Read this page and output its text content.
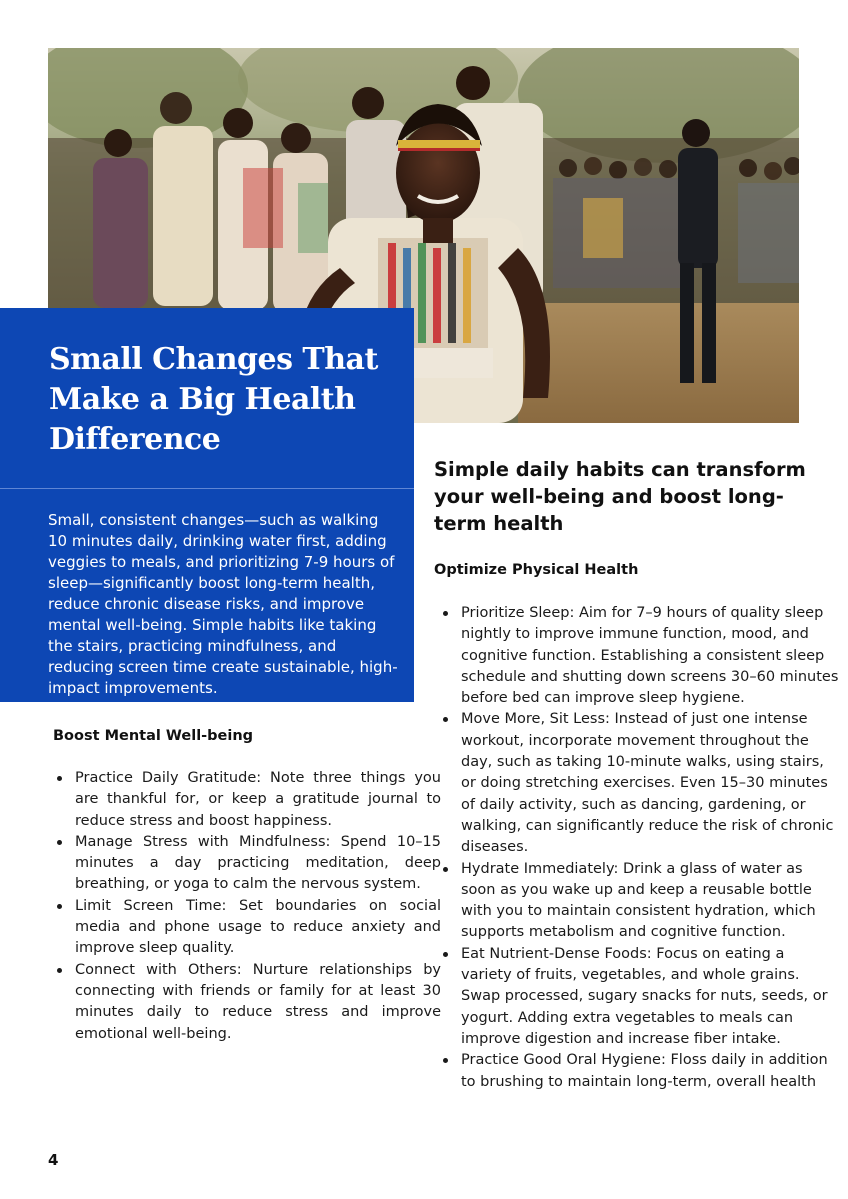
Small Changes That Make a Big Health Difference

Small, consistent changes—such as walking 10 minutes daily, drinking water first, adding veggies to meals, and prioritizing 7-9 hours of sleep—significantly boost long-term health, reduce chronic disease risks, and improve mental well-being. Simple habits like taking the stairs, practicing mindfulness, and reducing screen time create sustainable, high-impact improvements.

Simple daily habits can transform your well-being and boost long-term health
Optimize Physical Health
Prioritize Sleep: Aim for 7–9 hours of quality sleep nightly to improve immune function, mood, and cognitive function. Establishing a consistent sleep schedule and shutting down screens 30–60 minutes before bed can improve sleep hygiene.
Move More, Sit Less: Instead of just one intense workout, incorporate movement throughout the day, such as taking 10-minute walks, using stairs, or doing stretching exercises. Even 15–30 minutes of daily activity, such as dancing, gardening, or walking, can significantly reduce the risk of chronic diseases.
Hydrate Immediately: Drink a glass of water as soon as you wake up and keep a reusable bottle with you to maintain consistent hydration, which supports metabolism and cognitive function.
Eat Nutrient-Dense Foods: Focus on eating a variety of fruits, vegetables, and whole grains. Swap processed, sugary snacks for nuts, seeds, or yogurt. Adding extra vegetables to meals can improve digestion and increase fiber intake.
Practice Good Oral Hygiene: Floss daily in addition to brushing to maintain long-term, overall health
Boost Mental Well-being
Practice Daily Gratitude: Note three things you are thankful for, or keep a gratitude journal to reduce stress and boost happiness.
Manage Stress with Mindfulness: Spend 10–15 minutes a day practicing meditation, deep breathing, or yoga to calm the nervous system.
Limit Screen Time: Set boundaries on social media and phone usage to reduce anxiety and improve sleep quality.
Connect with Others: Nurture relationships by connecting with friends or family for at least 30 minutes daily to reduce stress and improve emotional well-being.

4
